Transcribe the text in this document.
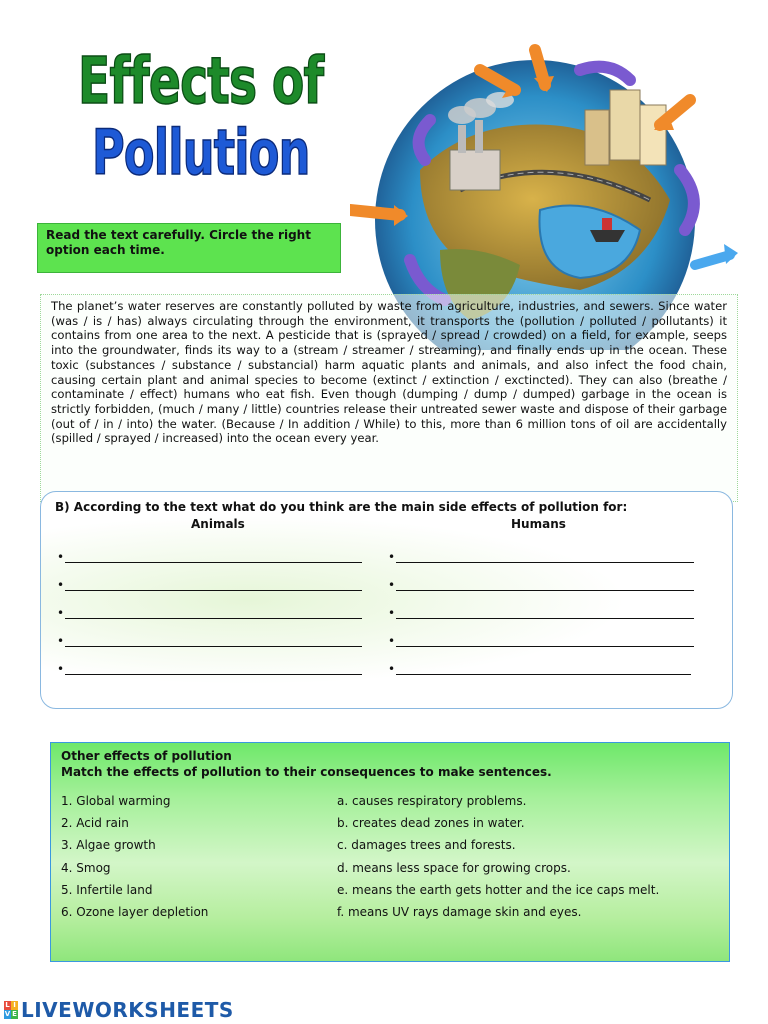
Effects of
Pollution
Read the text carefully. Circle the right option each time.
The planet’s water reserves are constantly polluted by waste from agriculture, industries, and sewers. Since water (was / is / has) always circulating through the environment, it transports the (pollution / polluted / pollutants) it contains from one area to the next. A pesticide that is (sprayed / spread / crowded) on a field, for example, seeps into the groundwater, finds its way to a (stream / streamer / streaming), and finally ends up in the ocean. These toxic (substances / substance / substancial) harm aquatic plants and animals, and also infect the food chain, causing certain plant and animal species to become (extinct / extinction / exctincted). They can also (breathe / contaminate / effect) humans who eat fish. Even though (dumping / dump / dumped) garbage in the ocean is strictly forbidden, (much / many / little) countries release their untreated sewer waste and dispose of their garbage (out of / in / into) the water. (Because / In addition / While) to this, more than 6 million tons of oil are accidentally (spilled / sprayed / increased) into the ocean every year.
B) According to the text what do you think are the main side effects of pollution for:
Animals	Humans
•
•
•
•
•
•
•
•
•
•
Other effects of pollution
Match the effects of pollution to their consequences to make sentences.
1. Global warming
2. Acid rain
3. Algae growth
4. Smog
5. Infertile land
6. Ozone layer depletion
a. causes respiratory problems.
b. creates dead zones in water.
c. damages trees and forests.
d. means less space for growing crops.
e. means the earth gets hotter and the ice caps melt.
f. means UV rays damage skin and eyes.
L I
V E LIVEWORKSHEETS
